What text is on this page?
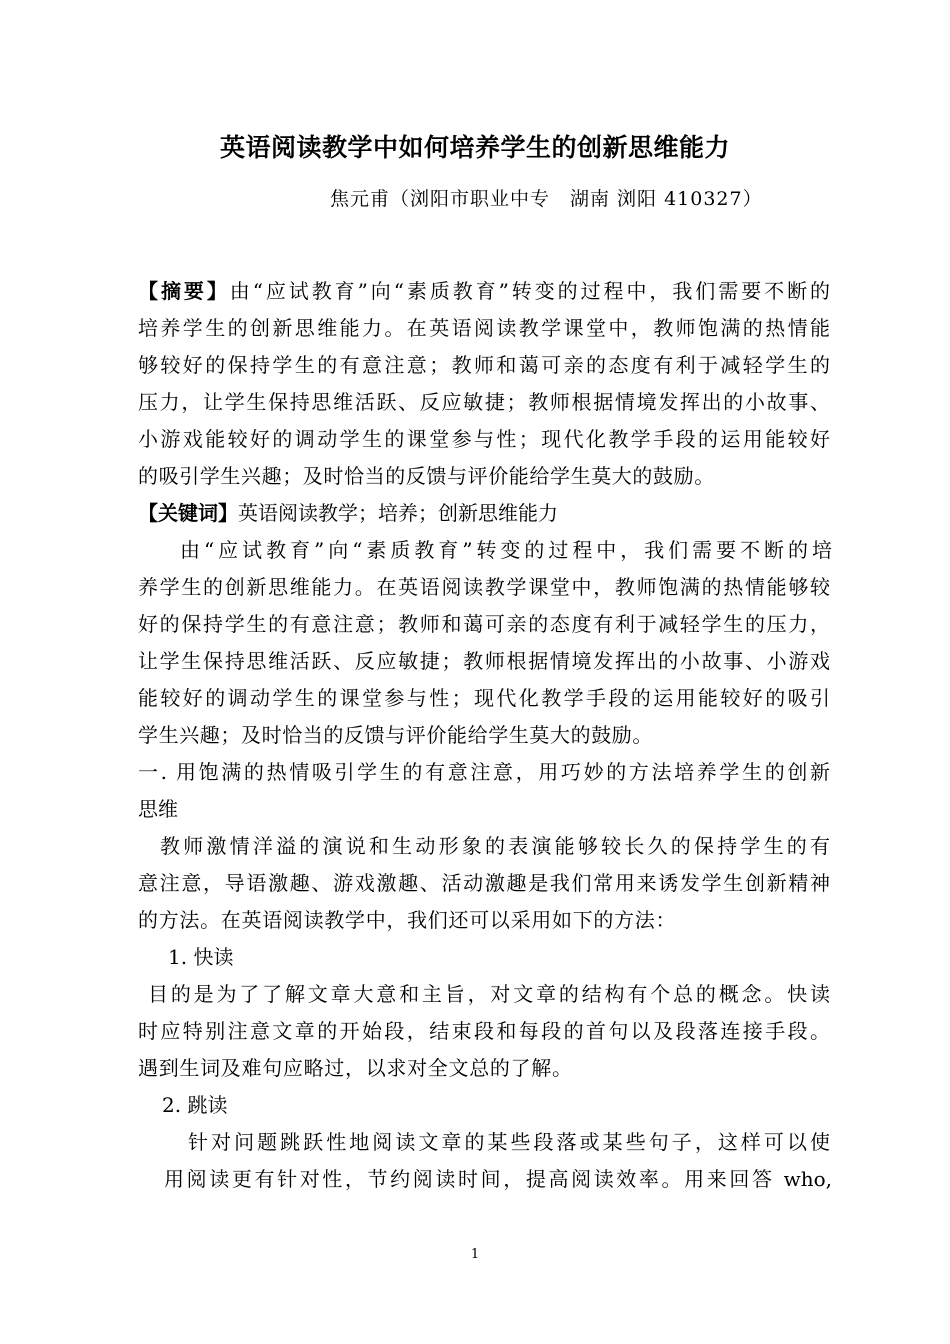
英语阅读教学中如何培养学生的创新思维能力
焦元甫（浏阳市职业中专　湖南 浏阳 410327）
【摘要】由“应试教育”向“素质教育”转变的过程中，我们需要不断的
培养学生的创新思维能力。在英语阅读教学课堂中，教师饱满的热情能
够较好的保持学生的有意注意；教师和蔼可亲的态度有利于减轻学生的
压力，让学生保持思维活跃、反应敏捷；教师根据情境发挥出的小故事、
小游戏能较好的调动学生的课堂参与性；现代化教学手段的运用能较好
的吸引学生兴趣；及时恰当的反馈与评价能给学生莫大的鼓励。
【关键词】英语阅读教学；培养；创新思维能力
由“应试教育”向“素质教育”转变的过程中，我们需要不断的培
养学生的创新思维能力。在英语阅读教学课堂中，教师饱满的热情能够较
好的保持学生的有意注意；教师和蔼可亲的态度有利于减轻学生的压力，
让学生保持思维活跃、反应敏捷；教师根据情境发挥出的小故事、小游戏
能较好的调动学生的课堂参与性；现代化教学手段的运用能较好的吸引
学生兴趣；及时恰当的反馈与评价能给学生莫大的鼓励。
一. 用饱满的热情吸引学生的有意注意，用巧妙的方法培养学生的创新
思维
教师激情洋溢的演说和生动形象的表演能够较长久的保持学生的有
意注意，导语激趣、游戏激趣、活动激趣是我们常用来诱发学生创新精神
的方法。在英语阅读教学中，我们还可以采用如下的方法：
1. 快读
目的是为了了解文章大意和主旨，对文章的结构有个总的概念。快读
时应特别注意文章的开始段，结束段和每段的首句以及段落连接手段。
遇到生词及难句应略过，以求对全文总的了解。
2. 跳读
针对问题跳跃性地阅读文章的某些段落或某些句子，这样可以使
用阅读更有针对性，节约阅读时间，提高阅读效率。用来回答 who,
1
